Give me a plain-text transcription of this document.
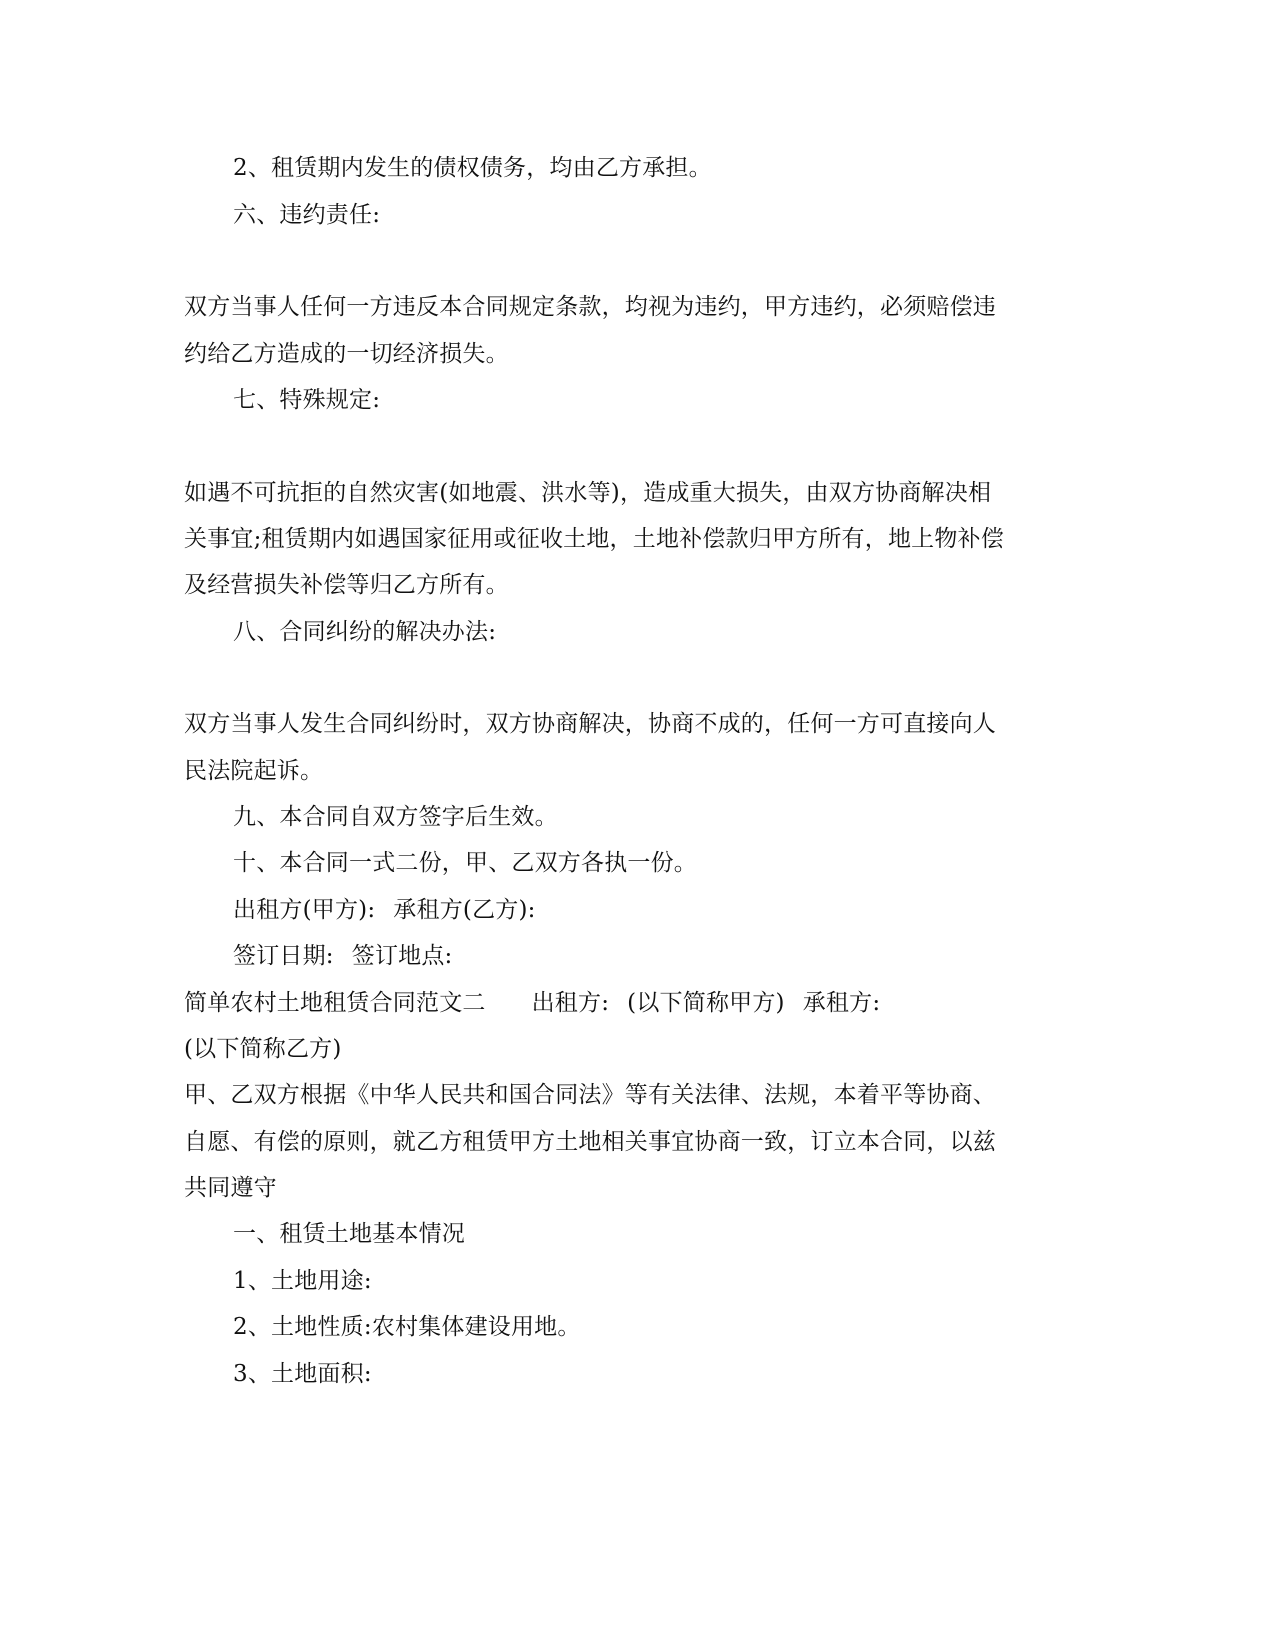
2、租赁期内发生的债权债务，均由乙方承担。
六、违约责任:
双方当事人任何一方违反本合同规定条款，均视为违约，甲方违约，必须赔偿违
约给乙方造成的一切经济损失。
七、特殊规定:
如遇不可抗拒的自然灾害(如地震、洪水等)，造成重大损失，由双方协商解决相
关事宜;租赁期内如遇国家征用或征收土地，土地补偿款归甲方所有，地上物补偿
及经营损失补偿等归乙方所有。
八、合同纠纷的解决办法:
双方当事人发生合同纠纷时，双方协商解决，协商不成的，任何一方可直接向人
民法院起诉。
九、本合同自双方签字后生效。
十、本合同一式二份，甲、乙双方各执一份。
出租方(甲方): 承租方(乙方):
签订日期: 签订地点:
简单农村土地租赁合同范文二 出租方: (以下简称甲方) 承租方:
(以下简称乙方)
甲、乙双方根据《中华人民共和国合同法》等有关法律、法规，本着平等协商、
自愿、有偿的原则，就乙方租赁甲方土地相关事宜协商一致，订立本合同，以兹
共同遵守
一、租赁土地基本情况
1、土地用途:
2、土地性质:农村集体建设用地。
3、土地面积:
